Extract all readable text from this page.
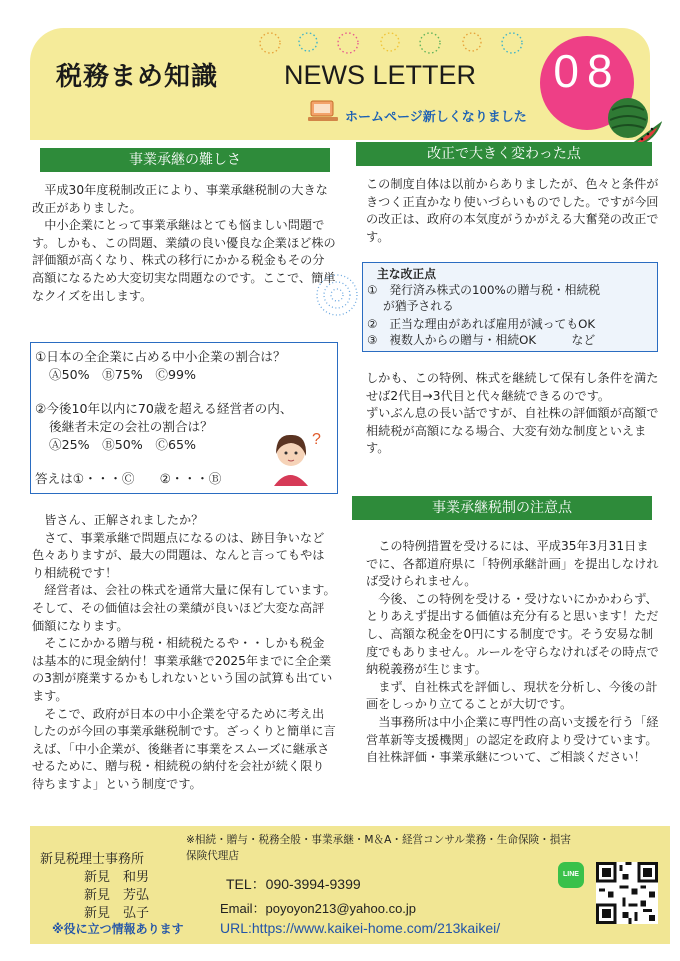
税務まめ知識 NEWS LETTER 08
ホームページ新しくなりました
事業承継の難しさ

平成30年度税制改正により、事業承継税制の大きな改正がありました。

中小企業にとって事業承継はとても悩ましい問題です。しかも、この問題、業績の良い優良な企業ほど株の評価額が高くなり、株式の移行にかかる税金もその分高額になるため大変切実な問題なのです。ここで、簡単なクイズを出します。

①日本の全企業に占める中小企業の割合は？
Ⓐ50%　Ⓑ75%　Ⓒ99%
②今後10年以内に70歳を超える経営者の内、
後継者未定の会社の割合は？
Ⓐ25%　Ⓑ50%　Ⓒ65%
答えは①・・・Ⓒ　　②・・・Ⓑ
?

皆さん、正解されましたか？

さて、事業承継で問題点になるのは、跡目争いなど色々ありますが、最大の問題は、なんと言ってもやはり相続税です！

経営者は、会社の株式を通常大量に保有しています。そして、その価値は会社の業績が良いほど大変な高評価額になります。

そこにかかる贈与税・相続税たるや・・しかも税金は基本的に現金納付！事業承継で2025年までに全企業の3割が廃業するかもしれないという国の試算も出ています。

そこで、政府が日本の中小企業を守るために考え出したのが今回の事業承継税制です。ざっくりと簡単に言えば、「中小企業が、後継者に事業をスムーズに継承させるために、贈与税・相続税の納付を会社が続く限り待ちますよ」という制度です。

改正で大きく変わった点

この制度自体は以前からありましたが、色々と条件がきつく正直かなり使いづらいものでした。ですが今回の改正は、政府の本気度がうかがえる大奮発の改正です。

主な改正点
①　発行済み株式の100%の贈与税・相続税
が猶予される
②　正当な理由があれば雇用が減ってもOK
③　複数人からの贈与・相続OK　　　など

しかも、この特例、株式を継続して保有し条件を満たせば2代目→3代目と代々継続できるのです。

ずいぶん息の長い話ですが、自社株の評価額が高額で相続税が高額になる場合、大変有効な制度といえます。

事業承継税制の注意点

この特例措置を受けるには、平成35年3月31日までに、各都道府県に「特例承継計画」を提出しなければ受けられません。

今後、この特例を受ける・受けないにかかわらず、とりあえず提出する価値は充分有ると思います！ただし、高額な税金を0円にする制度です。そう安易な制度でもありません。ルールを守らなければその時点で納税義務が生じます。

まず、自社株式を評価し、現状を分析し、今後の計画をしっかり立てることが大切です。

当事務所は中小企業に専門性の高い支援を行う「経営革新等支援機関」の認定を政府より受けています。自社株評価・事業承継について、ご相談ください！

新見税理士事務所
新見　和男
新見　芳弘
新見　弘子
※役に立つ情報あります
※相続・贈与・税務全般・事業承継・M＆A・経営コンサル業務・生命保険・損害
保険代理店
TEL：090-3994-9399
Email：poyoyon213@yahoo.co.jp
URL:https://www.kaikei-home.com/213kaikei/
LINE
